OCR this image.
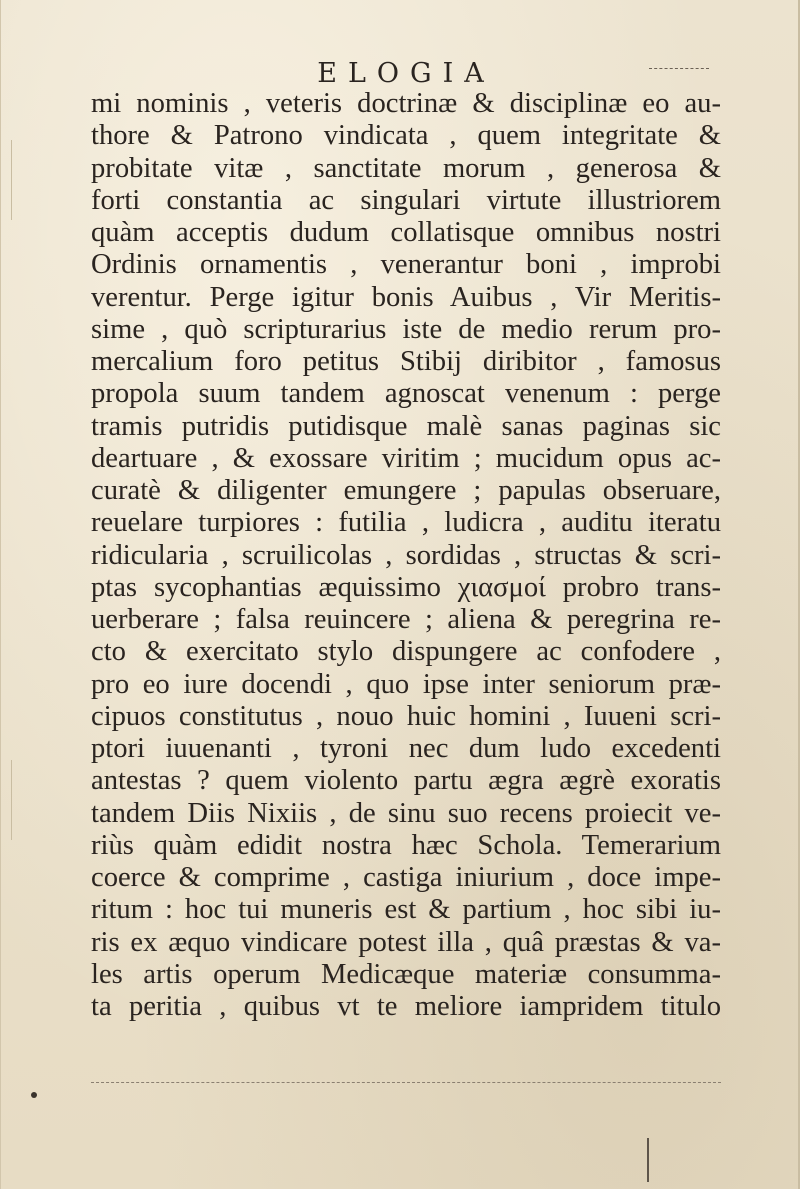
ELOGIA
mi nominis , veteris doctrinæ & disciplinæ eo au-
thore & Patrono vindicata , quem integritate &
probitate vitæ , sanctitate morum , generosa &
forti constantia ac singulari virtute illustriorem
quàm acceptis dudum collatisque omnibus nostri
Ordinis ornamentis , venerantur boni , improbi
verentur. Perge igitur bonis Auibus , Vir Meritis-
sime , quò scripturarius iste de medio rerum pro-
mercalium foro petitus Stibij diribitor , famosus
propola suum tandem agnoscat venenum : perge
tramis putridis putidisque malè sanas paginas sic
deartuare , & exossare viritim ; mucidum opus ac-
curatè & diligenter emungere ; papulas obseruare,
reuelare turpiores : futilia , ludicra , auditu iteratu
ridicularia , scruilicolas , sordidas , structas & scri-
ptas sycophantias æquissimo χιασμοί probro trans-
uerberare ; falsa reuincere ; aliena & peregrina re-
cto & exercitato stylo dispungere ac confodere ,
pro eo iure docendi , quo ipse inter seniorum præ-
cipuos constitutus , nouo huic homini , Iuueni scri-
ptori iuuenanti , tyroni nec dum ludo excedenti
antestas ? quem violento partu ægra ægrè exoratis
tandem Diis Nixiis , de sinu suo recens proiecit ve-
riùs quàm edidit nostra hæc Schola. Temerarium
coerce & comprime , castiga iniurium , doce impe-
ritum : hoc tui muneris est & partium , hoc sibi iu-
ris ex æquo vindicare potest illa , quâ præstas & va-
les artis operum Medicæque materiæ consumma-
ta peritia , quibus vt te meliore iampridem titulo
